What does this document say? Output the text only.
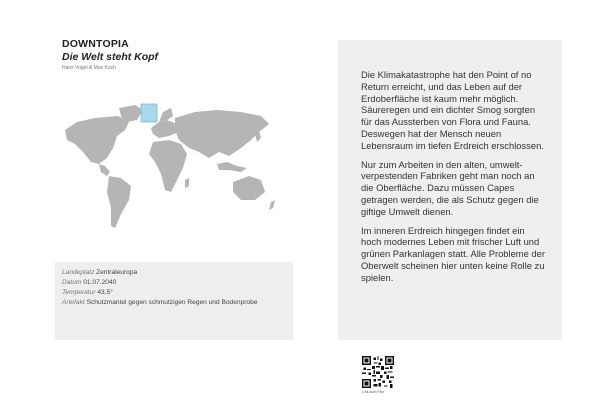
DOWNTOPIA
Die Welt steht Kopf
Hans Vogel & Max Koch
Landeplatz Zentraleuropa
Datum 01.07.2040
Temperatur 43,5°
Artefakt Schutzmantel gegen schmutzigen Regen und Bodenprobe

Die Klimakatastrophe hat den Point of no Return erreicht, und das Leben auf der Erdoberfläche ist kaum mehr möglich. Säureregen und ein dichter Smog sorgten für das Aussterben von Flora und Fauna. Deswegen hat der Mensch neuen Lebensraum im tiefen Erdreich erschlossen.

Nur zum Arbeiten in den alten, umwelt-verpestenden Fabriken geht man noch an die Oberfläche. Dazu müssen Capes getragen werden, die als Schutz gegen die giftige Umwelt dienen.

Im inneren Erdreich hingegen findet ein hoch modernes Leben mit frischer Luft und grünen Parkanlagen statt. Alle Probleme der Oberwelt scheinen hier unten keine Rolle zu spielen.

Link zum Film
